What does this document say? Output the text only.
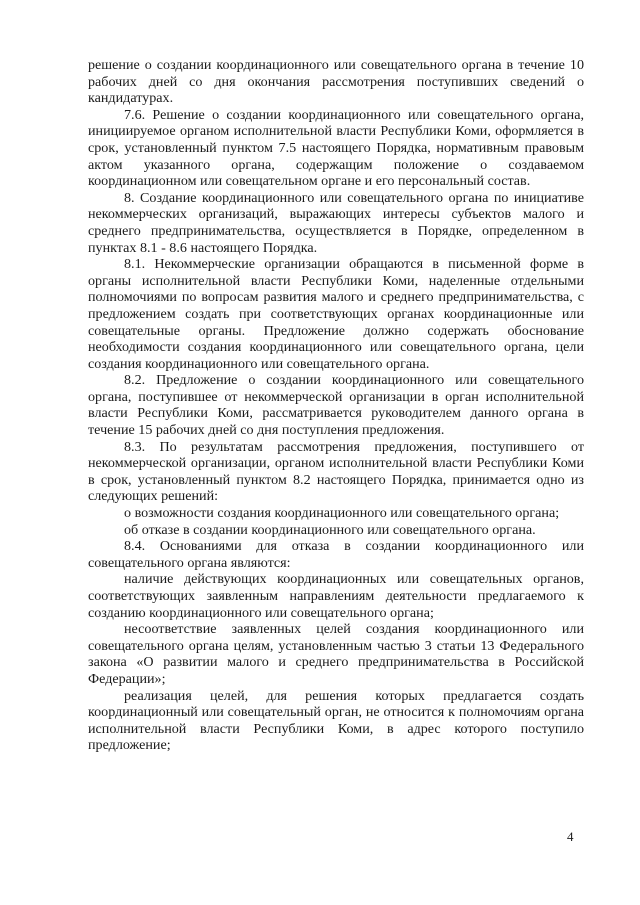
решение о создании координационного или совещательного органа в течение 10 рабочих дней со дня окончания рассмотрения поступивших сведений о кандидатурах.

7.6. Решение о создании координационного или совещательного органа, инициируемое органом исполнительной власти Республики Коми, оформляется в срок, установленный пунктом 7.5 настоящего Порядка, нормативным правовым актом указанного органа, содержащим положение о создаваемом координационном или совещательном органе и его персональный состав.

8. Создание координационного или совещательного органа по инициативе некоммерческих организаций, выражающих интересы субъектов малого и среднего предпринимательства, осуществляется в Порядке, определенном в пунктах 8.1 - 8.6 настоящего Порядка.

8.1. Некоммерческие организации обращаются в письменной форме в органы исполнительной власти Республики Коми, наделенные отдельными полномочиями по вопросам развития малого и среднего предпринимательства, с предложением создать при соответствующих органах координационные или совещательные органы. Предложение должно содержать обоснование необходимости создания координационного или совещательного органа, цели создания координационного или совещательного органа.

8.2. Предложение о создании координационного или совещательного органа, поступившее от некоммерческой организации в орган исполнительной власти Республики Коми, рассматривается руководителем данного органа в течение 15 рабочих дней со дня поступления предложения.

8.3. По результатам рассмотрения предложения, поступившего от некоммерческой организации, органом исполнительной власти Республики Коми в срок, установленный пунктом 8.2 настоящего Порядка, принимается одно из следующих решений:

о возможности создания координационного или совещательного органа;

об отказе в создании координационного или совещательного органа.

8.4. Основаниями для отказа в создании координационного или совещательного органа являются:

наличие действующих координационных или совещательных органов, соответствующих заявленным направлениям деятельности предлагаемого к созданию координационного или совещательного органа;

несоответствие заявленных целей создания координационного или совещательного органа целям, установленным частью 3 статьи 13 Федерального закона «О развитии малого и среднего предпринимательства в Российской Федерации»;

реализация целей, для решения которых предлагается создать координационный или совещательный орган, не относится к полномочиям органа исполнительной власти Республики Коми, в адрес которого поступило предложение;

4
